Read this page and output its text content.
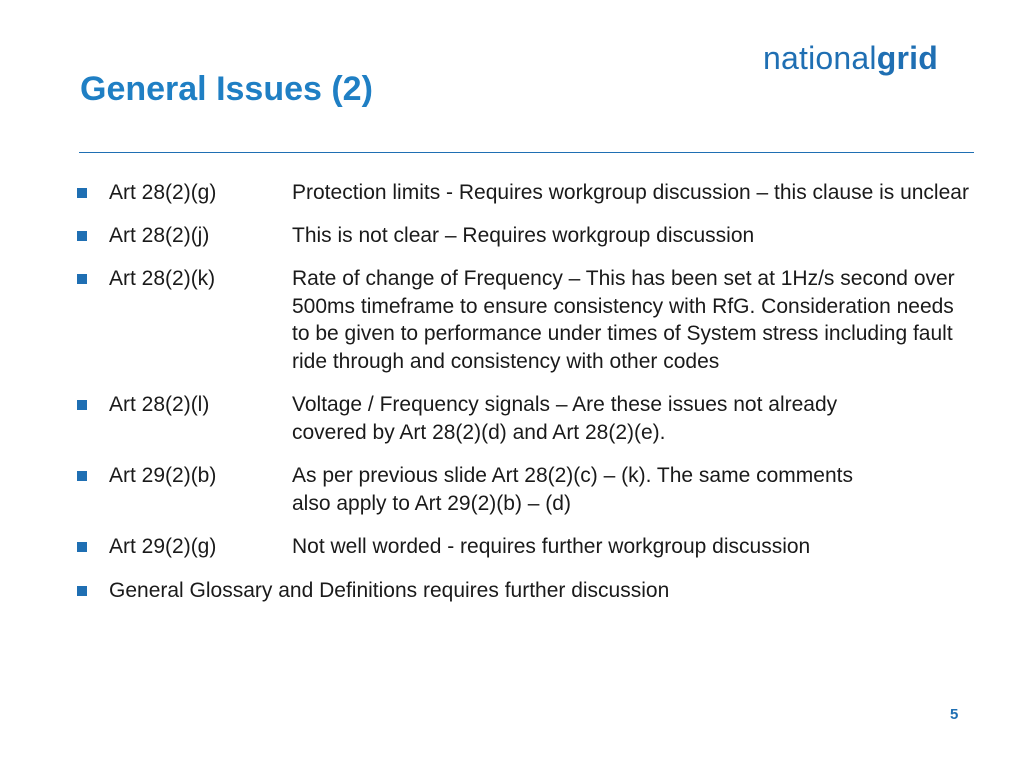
General Issues (2)
nationalgrid
Art 28(2)(g)	Protection limits - Requires workgroup discussion – this clause is unclear
Art 28(2)(j)	This is not clear – Requires workgroup discussion
Art 28(2)(k)	Rate of change of Frequency – This has been set at 1Hz/s second over 500ms timeframe to ensure consistency with RfG. Consideration needs to be given to performance under times of System stress including fault ride through and consistency with other codes
Art 28(2)(l)	Voltage / Frequency signals – Are these issues not already covered by Art 28(2)(d) and Art 28(2)(e).
Art 29(2)(b)	As per previous slide Art 28(2)(c) – (k). The same comments also apply to Art 29(2)(b) – (d)
Art 29(2)(g)	Not well worded - requires further workgroup discussion
General Glossary and Definitions requires further discussion
5
